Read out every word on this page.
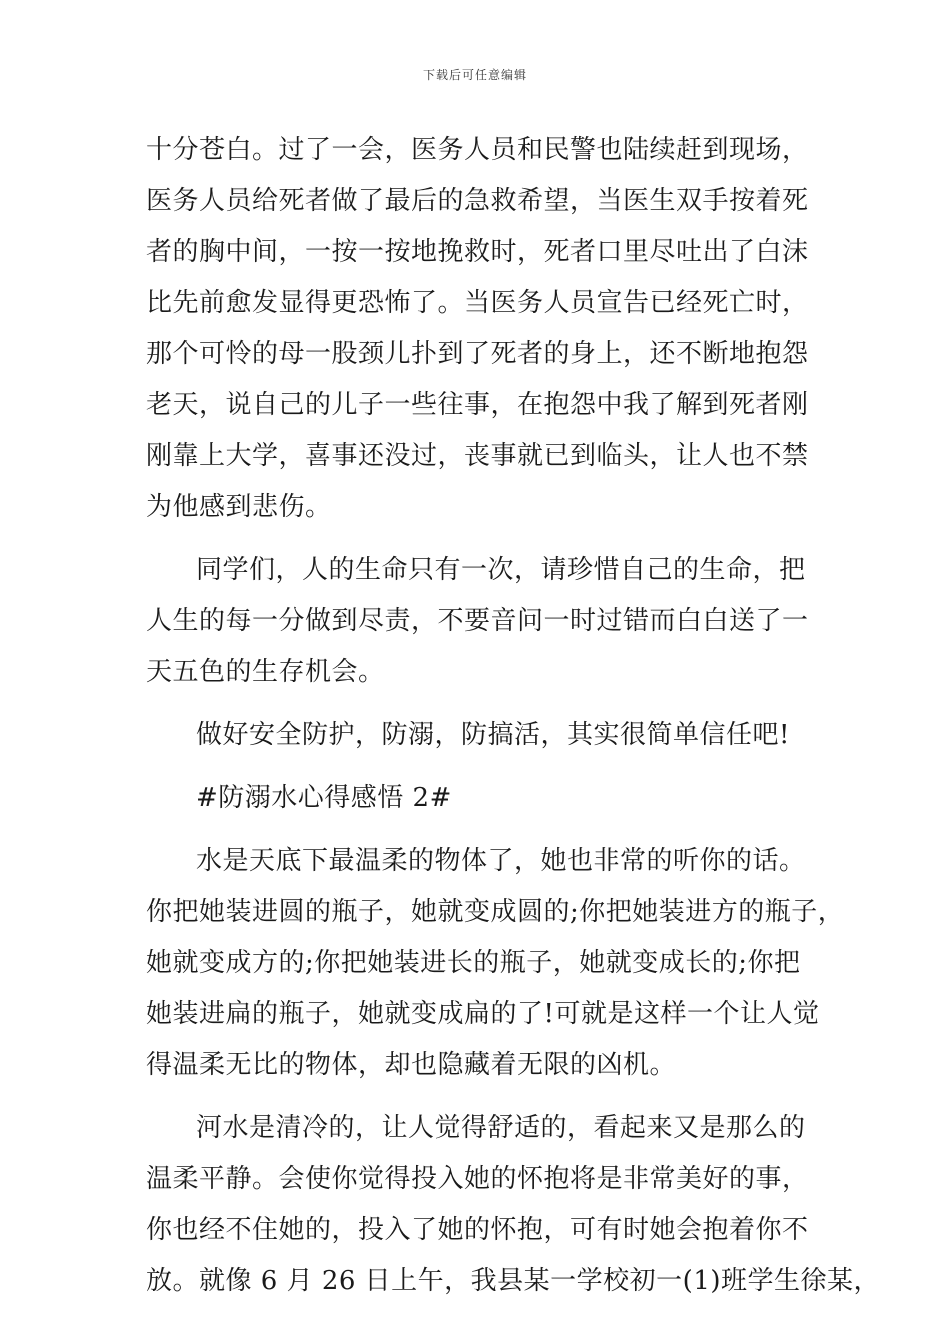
下载后可任意编辑
十分苍白。过了一会，医务人员和民警也陆续赶到现场，
医务人员给死者做了最后的急救希望，当医生双手按着死
者的胸中间，一按一按地挽救时，死者口里尽吐出了白沫
比先前愈发显得更恐怖了。当医务人员宣告已经死亡时，
那个可怜的母一股颈儿扑到了死者的身上，还不断地抱怨
老天，说自己的儿子一些往事，在抱怨中我了解到死者刚
刚靠上大学，喜事还没过，丧事就已到临头，让人也不禁
为他感到悲伤。
同学们，人的生命只有一次，请珍惜自己的生命，把
人生的每一分做到尽责，不要音问一时过错而白白送了一
天五色的生存机会。
做好安全防护，防溺，防搞活，其实很简单信任吧!
#防溺水心得感悟 2#
水是天底下最温柔的物体了，她也非常的听你的话。
你把她装进圆的瓶子，她就变成圆的;你把她装进方的瓶子，
她就变成方的;你把她装进长的瓶子，她就变成长的;你把
她装进扁的瓶子，她就变成扁的了!可就是这样一个让人觉
得温柔无比的物体，却也隐藏着无限的凶机。
河水是清冷的，让人觉得舒适的，看起来又是那么的
温柔平静。会使你觉得投入她的怀抱将是非常美好的事，
你也经不住她的，投入了她的怀抱，可有时她会抱着你不
放。就像 6 月 26 日上午，我县某一学校初一(1)班学生徐某，
